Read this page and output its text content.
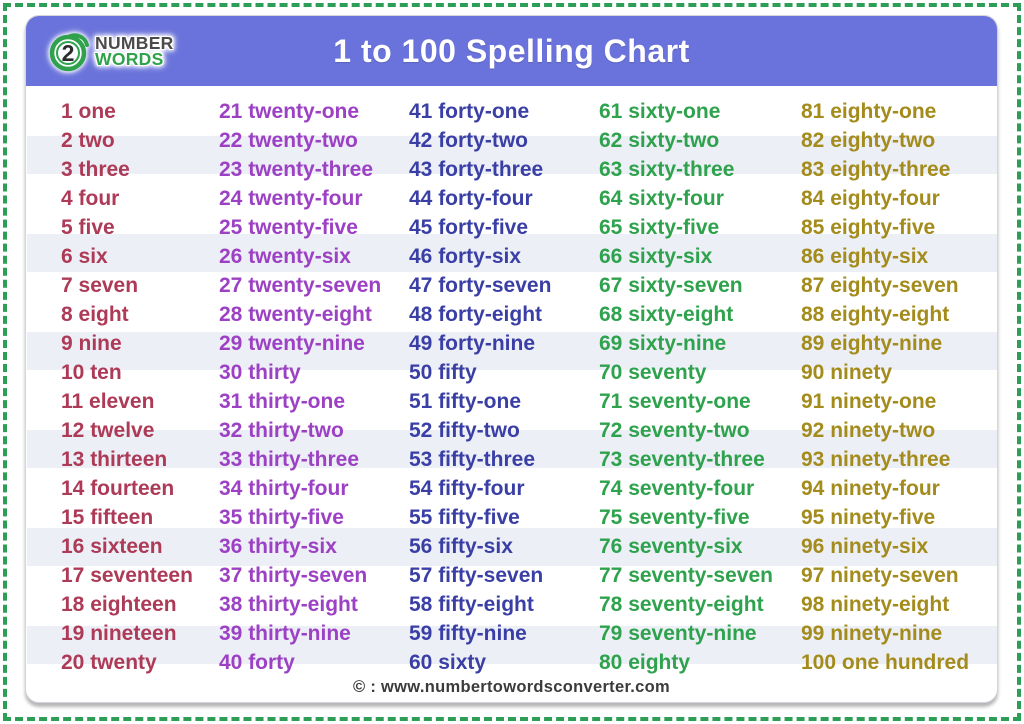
2 NUMBER
WORDS	1 to 100 Spelling Chart
1 one
2 two
3 three
4 four
5 five
6 six
7 seven
8 eight
9 nine
10 ten
11 eleven
12 twelve
13 thirteen
14 fourteen
15 fifteen
16 sixteen
17 seventeen
18 eighteen
19 nineteen
20 twenty
21 twenty-one
22 twenty-two
23 twenty-three
24 twenty-four
25 twenty-five
26 twenty-six
27 twenty-seven
28 twenty-eight
29 twenty-nine
30 thirty
31 thirty-one
32 thirty-two
33 thirty-three
34 thirty-four
35 thirty-five
36 thirty-six
37 thirty-seven
38 thirty-eight
39 thirty-nine
40 forty
41 forty-one
42 forty-two
43 forty-three
44 forty-four
45 forty-five
46 forty-six
47 forty-seven
48 forty-eight
49 forty-nine
50 fifty
51 fifty-one
52 fifty-two
53 fifty-three
54 fifty-four
55 fifty-five
56 fifty-six
57 fifty-seven
58 fifty-eight
59 fifty-nine
60 sixty
61 sixty-one
62 sixty-two
63 sixty-three
64 sixty-four
65 sixty-five
66 sixty-six
67 sixty-seven
68 sixty-eight
69 sixty-nine
70 seventy
71 seventy-one
72 seventy-two
73 seventy-three
74 seventy-four
75 seventy-five
76 seventy-six
77 seventy-seven
78 seventy-eight
79 seventy-nine
80 eighty
81 eighty-one
82 eighty-two
83 eighty-three
84 eighty-four
85 eighty-five
86 eighty-six
87 eighty-seven
88 eighty-eight
89 eighty-nine
90 ninety
91 ninety-one
92 ninety-two
93 ninety-three
94 ninety-four
95 ninety-five
96 ninety-six
97 ninety-seven
98 ninety-eight
99 ninety-nine
100 one hundred
© : www.numbertowordsconverter.com
